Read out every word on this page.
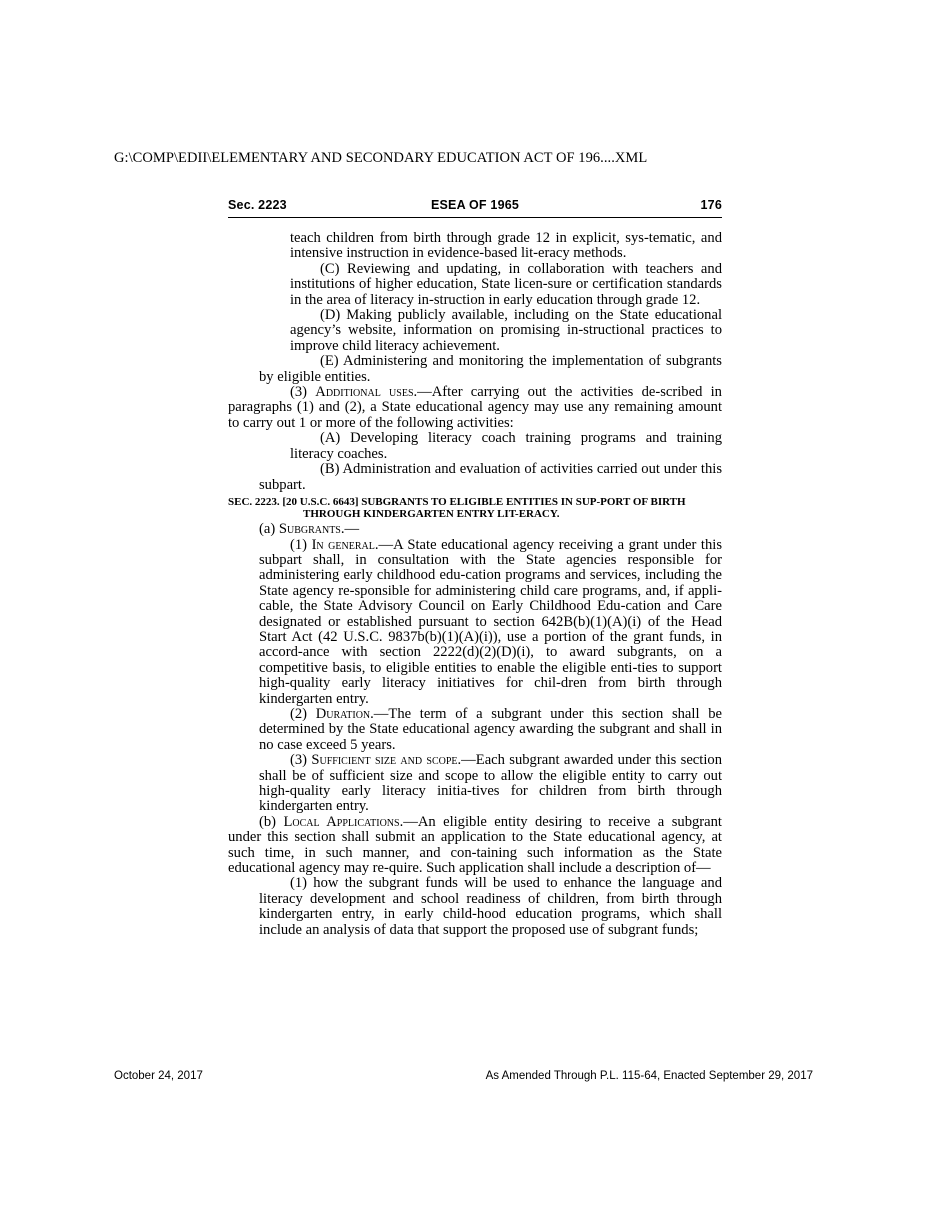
G:\COMP\EDII\ELEMENTARY AND SECONDARY EDUCATION ACT OF 196....XML
Sec. 2223	ESEA OF 1965	176

teach children from birth through grade 12 in explicit, sys-tematic, and intensive instruction in evidence-based lit-eracy methods.

(C) Reviewing and updating, in collaboration with teachers and institutions of higher education, State licen-sure or certification standards in the area of literacy in-struction in early education through grade 12.

(D) Making publicly available, including on the State educational agency’s website, information on promising in-structional practices to improve child literacy achievement.

(E) Administering and monitoring the implementation of subgrants by eligible entities.

(3) Additional uses.—After carrying out the activities de-scribed in paragraphs (1) and (2), a State educational agency may use any remaining amount to carry out 1 or more of the following activities:

(A) Developing literacy coach training programs and training literacy coaches.

(B) Administration and evaluation of activities carried out under this subpart.

SEC. 2223. [20 U.S.C. 6643] SUBGRANTS TO ELIGIBLE ENTITIES IN SUP-PORT OF BIRTH THROUGH KINDERGARTEN ENTRY LIT-ERACY.

(a) Subgrants.—

(1) In general.—A State educational agency receiving a grant under this subpart shall, in consultation with the State agencies responsible for administering early childhood edu-cation programs and services, including the State agency re-sponsible for administering child care programs, and, if appli-cable, the State Advisory Council on Early Childhood Edu-cation and Care designated or established pursuant to section 642B(b)(1)(A)(i) of the Head Start Act (42 U.S.C. 9837b(b)(1)(A)(i)), use a portion of the grant funds, in accord-ance with section 2222(d)(2)(D)(i), to award subgrants, on a competitive basis, to eligible entities to enable the eligible enti-ties to support high-quality early literacy initiatives for chil-dren from birth through kindergarten entry.

(2) Duration.—The term of a subgrant under this section shall be determined by the State educational agency awarding the subgrant and shall in no case exceed 5 years.

(3) Sufficient size and scope.—Each subgrant awarded under this section shall be of sufficient size and scope to allow the eligible entity to carry out high-quality early literacy initia-tives for children from birth through kindergarten entry.

(b) Local Applications.—An eligible entity desiring to receive a subgrant under this section shall submit an application to the State educational agency, at such time, in such manner, and con-taining such information as the State educational agency may re-quire. Such application shall include a description of—

(1) how the subgrant funds will be used to enhance the language and literacy development and school readiness of children, from birth through kindergarten entry, in early child-hood education programs, which shall include an analysis of data that support the proposed use of subgrant funds;

October 24, 2017	As Amended Through P.L. 115-64, Enacted September 29, 2017
